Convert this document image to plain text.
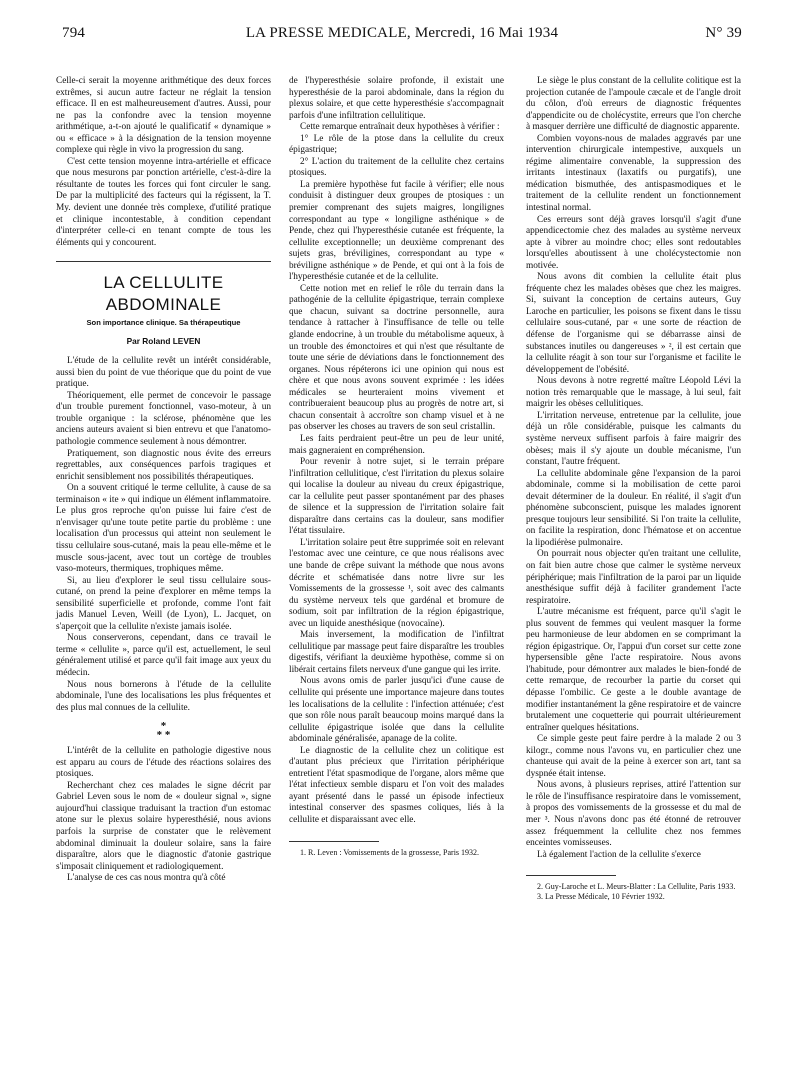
794	LA PRESSE MEDICALE, Mercredi, 16 Mai 1934	N° 39

Celle-ci serait la moyenne arithmétique des deux forces extrêmes, si aucun autre facteur ne réglait la tension efficace. Il en est malheureusement d'autres. Aussi, pour ne pas la confondre avec la tension moyenne arithmétique, a-t-on ajouté le qualificatif « dynamique » ou « efficace » à la désignation de la tension moyenne complexe qui règle in vivo la progression du sang.

C'est cette tension moyenne intra-artérielle et efficace que nous mesurons par ponction artérielle, c'est-à-dire la résultante de toutes les forces qui font circuler le sang. De par la multiplicité des facteurs qui la régissent, la T. My. devient une donnée très complexe, d'utilité pratique et clinique incontestable, à condition cependant d'interpréter celle-ci en tenant compte de tous les éléments qui y concourent.

LA CELLULITE ABDOMINALE
Son importance clinique. Sa thérapeutique
Par Roland LEVEN

L'étude de la cellulite revêt un intérêt considérable, aussi bien du point de vue théorique que du point de vue pratique.

Théoriquement, elle permet de concevoir le passage d'un trouble purement fonctionnel, vaso-moteur, à un trouble organique : la sclérose, phénomène que les anciens auteurs avaient si bien entrevu et que l'anatomo-pathologie commence seulement à nous démontrer.

Pratiquement, son diagnostic nous évite des erreurs regrettables, aux conséquences parfois tragiques et enrichit sensiblement nos possibilités thérapeutiques.

On a souvent critiqué le terme cellulite, à cause de sa terminaison « ite » qui indique un élément inflammatoire. Le plus gros reproche qu'on puisse lui faire c'est de n'envisager qu'une toute petite partie du problème : une localisation d'un processus qui atteint non seulement le tissu cellulaire sous-cutané, mais la peau elle-même et le muscle sous-jacent, avec tout un cortège de troubles vaso-moteurs, thermiques, trophiques même.

Si, au lieu d'explorer le seul tissu cellulaire sous-cutané, on prend la peine d'explorer en même temps la sensibilité superficielle et profonde, comme l'ont fait jadis Manuel Leven, Weill (de Lyon), L. Jacquet, on s'aperçoit que la cellulite n'existe jamais isolée.

Nous conserverons, cependant, dans ce travail le terme « cellulite », parce qu'il est, actuellement, le seul généralement utilisé et parce qu'il fait image aux yeux du médecin.

Nous nous bornerons à l'étude de la cellulite abdominale, l'une des localisations les plus fréquentes et des plus mal connues de la cellulite.

*
* *

L'intérêt de la cellulite en pathologie digestive nous est apparu au cours de l'étude des réactions solaires des ptosiques.

Recherchant chez ces malades le signe décrit par Gabriel Leven sous le nom de « douleur signal », signe aujourd'hui classique traduisant la traction d'un estomac atone sur le plexus solaire hyperesthésié, nous avions parfois la surprise de constater que le relèvement abdominal diminuait la douleur solaire, sans la faire disparaître, alors que le diagnostic d'atonie gastrique s'imposait cliniquement et radiologiquement.

L'analyse de ces cas nous montra qu'à côté

de l'hyperesthésie solaire profonde, il existait une hyperesthésie de la paroi abdominale, dans la région du plexus solaire, et que cette hyperesthésie s'accompagnait parfois d'une infiltration cellulitique.

Cette remarque entraînait deux hypothèses à vérifier :

1° Le rôle de la ptose dans la cellulite du creux épigastrique;

2° L'action du traitement de la cellulite chez certains ptosiques.

La première hypothèse fut facile à vérifier; elle nous conduisit à distinguer deux groupes de ptosiques : un premier comprenant des sujets maigres, longilignes correspondant au type « longiligne asthénique » de Pende, chez qui l'hyperesthésie cutanée est fréquente, la cellulite exceptionnelle; un deuxième comprenant des sujets gras, bréviligines, correspondant au type « bréviligne asthénique » de Pende, et qui ont à la fois de l'hyperesthésie cutanée et de la cellulite.

Cette notion met en relief le rôle du terrain dans la pathogénie de la cellulite épigastrique, terrain complexe que chacun, suivant sa doctrine personnelle, aura tendance à rattacher à l'insuffisance de telle ou telle glande endocrine, à un trouble du métabolisme aqueux, à un trouble des émonctoires et qui n'est que résultante de toute une série de déviations dans le fonctionnement des organes. Nous répéterons ici une opinion qui nous est chère et que nous avons souvent exprimée : les idées médicales se heurteraient moins vivement et contribueraient beaucoup plus au progrès de notre art, si chacun consentait à accroître son champ visuel et à ne pas observer les choses au travers de son seul cristallin.

Les faits perdraient peut-être un peu de leur unité, mais gagneraient en compréhension.

Pour revenir à notre sujet, si le terrain prépare l'infiltration cellulitique, c'est l'irritation du plexus solaire qui localise la douleur au niveau du creux épigastrique, car la cellulite peut passer spontanément par des phases de silence et la suppression de l'irritation solaire fait disparaître dans certains cas la douleur, sans modifier l'état tissulaire.

L'irritation solaire peut être supprimée soit en relevant l'estomac avec une ceinture, ce que nous réalisons avec une bande de crêpe suivant la méthode que nous avons décrite et schématisée dans notre livre sur les Vomissements de la grossesse ¹, soit avec des calmants du système nerveux tels que gardénal et bromure de sodium, soit par infiltration de la région épigastrique, avec un liquide anesthésique (novocaïne).

Mais inversement, la modification de l'infiltrat cellulitique par massage peut faire disparaître les troubles digestifs, vérifiant la deuxième hypothèse, comme si on libérait certains filets nerveux d'une gangue qui les irrite.

Nous avons omis de parler jusqu'ici d'une cause de cellulite qui présente une importance majeure dans toutes les localisations de la cellulite : l'infection atténuée; c'est que son rôle nous paraît beaucoup moins marqué dans la cellulite épigastrique isolée que dans la cellulite abdominale généralisée, apanage de la colite.

Le diagnostic de la cellulite chez un colitique est d'autant plus précieux que l'irritation périphérique entretient l'état spasmodique de l'organe, alors même que l'état infectieux semble disparu et l'on voit des malades ayant présenté dans le passé un épisode infectieux intestinal conserver des spasmes coliques, liés à la cellulite et disparaissant avec elle.

1. R. Leven : Vomissements de la grossesse, Paris 1932.

Le siège le plus constant de la cellulite colitique est la projection cutanée de l'ampoule cæcale et de l'angle droit du côlon, d'où erreurs de diagnostic fréquentes d'appendicite ou de cholécystite, erreurs que l'on cherche à masquer derrière une difficulté de diagnostic apparente.

Combien voyons-nous de malades aggravés par une intervention chirurgicale intempestive, auxquels un régime alimentaire convenable, la suppression des irritants intestinaux (laxatifs ou purgatifs), une médication bismuthée, des antispasmodiques et le traitement de la cellulite rendent un fonctionnement intestinal normal.

Ces erreurs sont déjà graves lorsqu'il s'agit d'une appendicectomie chez des malades au système nerveux apte à vibrer au moindre choc; elles sont redoutables lorsqu'elles aboutissent à une cholécystectomie non motivée.

Nous avons dit combien la cellulite était plus fréquente chez les malades obèses que chez les maigres. Si, suivant la conception de certains auteurs, Guy Laroche en particulier, les poisons se fixent dans le tissu cellulaire sous-cutané, par « une sorte de réaction de défense de l'organisme qui se débarrasse ainsi de substances inutiles ou dangereuses » ², il est certain que la cellulite réagit à son tour sur l'organisme et facilite le développement de l'obésité.

Nous devons à notre regretté maître Léopold Lévi la notion très remarquable que le massage, à lui seul, fait maigrir les obèses cellulitiques.

L'irritation nerveuse, entretenue par la cellulite, joue déjà un rôle considérable, puisque les calmants du système nerveux suffisent parfois à faire maigrir des obèses; mais il s'y ajoute un double mécanisme, l'un constant, l'autre fréquent.

La cellulite abdominale gêne l'expansion de la paroi abdominale, comme si la mobilisation de cette paroi devait déterminer de la douleur. En réalité, il s'agit d'un phénomène subconscient, puisque les malades ignorent presque toujours leur sensibilité. Si l'on traite la cellulite, on facilite la respiration, donc l'hématose et on accentue la lipodiérèse pulmonaire.

On pourrait nous objecter qu'en traitant une cellulite, on fait bien autre chose que calmer le système nerveux périphérique; mais l'infiltration de la paroi par un liquide anesthésique suffit déjà à faciliter grandement l'acte respiratoire.

L'autre mécanisme est fréquent, parce qu'il s'agit le plus souvent de femmes qui veulent masquer la forme peu harmonieuse de leur abdomen en se comprimant la région épigastrique. Or, l'appui d'un corset sur cette zone hypersensible gêne l'acte respiratoire. Nous avons l'habitude, pour démontrer aux malades le bien-fondé de cette remarque, de recourber la partie du corset qui dépasse l'ombilic. Ce geste a le double avantage de modifier instantanément la gêne respiratoire et de vaincre brutalement une coquetterie qui pourrait ultérieurement entraîner quelques hésitations.

Ce simple geste peut faire perdre à la malade 2 ou 3 kilogr., comme nous l'avons vu, en particulier chez une chanteuse qui avait de la peine à exercer son art, tant sa dyspnée était intense.

Nous avons, à plusieurs reprises, attiré l'attention sur le rôle de l'insuffisance respiratoire dans le vomissement, à propos des vomissements de la grossesse et du mal de mer ³. Nous n'avons donc pas été étonné de retrouver assez fréquemment la cellulite chez nos femmes enceintes vomisseuses.

Là également l'action de la cellulite s'exerce

2. Guy-Laroche et L. Meurs-Blatter : La Cellulite, Paris 1933.

3. La Presse Médicale, 10 Février 1932.
